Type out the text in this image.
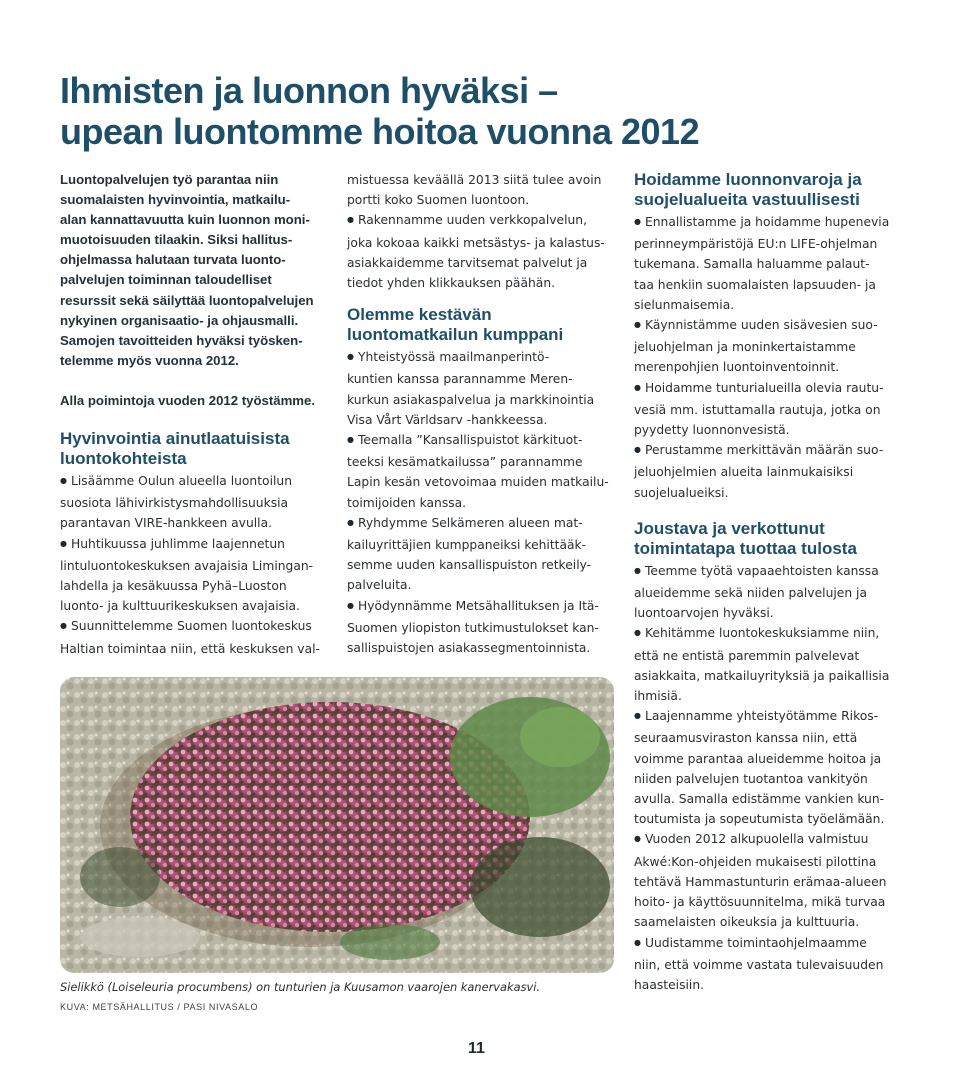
Ihmisten ja luonnon hyväksi –
upean luontomme hoitoa vuonna 2012

Luontopalvelujen työ parantaa niin
suomalaisten hyvinvointia, matkailu-
alan kannattavuutta kuin luonnon moni-
muotoisuuden tilaakin. Siksi hallitus-
ohjelmassa halutaan turvata luonto-
palvelujen toiminnan taloudelliset
resurssit sekä säilyttää luontopalvelujen
nykyinen organisaatio- ja ohjausmalli.
Samojen tavoitteiden hyväksi työsken-
telemme myös vuonna 2012.

Alla poimintoja vuoden 2012 työstämme.

Hyvinvointia ainutlaatuisista
luontokohteista

● Lisäämme Oulun alueella luontoilun
suosiota lähivirkistysmahdollisuuksia
parantavan VIRE-hankkeen avulla.

● Huhtikuussa juhlimme laajennetun
lintuluontokeskuksen avajaisia Limingan-
lahdella ja kesäkuussa Pyhä–Luoston
luonto- ja kulttuurikeskuksen avajaisia.

● Suunnittelemme Suomen luontokeskus
Haltian toimintaa niin, että keskuksen val-

mistuessa keväällä 2013 siitä tulee avoin
portti koko Suomen luontoon.

● Rakennamme uuden verkkopalvelun,
joka kokoaa kaikki metsästys- ja kalastus-
asiakkaidemme tarvitsemat palvelut ja
tiedot yhden klikkauksen päähän.

Olemme kestävän
luontomatkailun kumppani

● Yhteistyössä maailmanperintö-
kuntien kanssa parannamme Meren-
kurkun asiakaspalvelua ja markkinointia
Visa Vårt Världsarv -hankkeessa.

● Teemalla ”Kansallispuistot kärkituot-
teeksi kesämatkailussa” parannamme
Lapin kesän vetovoimaa muiden matkailu-
toimijoiden kanssa.

● Ryhdymme Selkämeren alueen mat-
kailuyrittäjien kumppaneiksi kehittääk-
semme uuden kansallispuiston retkeily-
palveluita.

● Hyödynnämme Metsähallituksen ja Itä-
Suomen yliopiston tutkimustulokset kan-
sallispuistojen asiakassegmentoinnista.

Hoidamme luonnonvaroja ja
suojelualueita vastuullisesti

● Ennallistamme ja hoidamme hupenevia
perinneympäristöjä EU:n LIFE-ohjelman
tukemana. Samalla haluamme palaut-
taa henkiin suomalaisten lapsuuden- ja
sielunmaisemia.

● Käynnistämme uuden sisävesien suo-
jeluohjelman ja moninkertaistamme
merenpohjien luontoinventoinnit.

● Hoidamme tunturialueilla olevia rautu-
vesiä mm. istuttamalla rautuja, jotka on
pyydetty luonnonvesistä.

● Perustamme merkittävän määrän suo-
jeluohjelmien alueita lainmukaisiksi
suojelualueiksi.

Joustava ja verkottunut
toimintatapa tuottaa tulosta

● Teemme työtä vapaaehtoisten kanssa
alueidemme sekä niiden palvelujen ja
luontoarvojen hyväksi.

● Kehitämme luontokeskuksiamme niin,
että ne entistä paremmin palvelevat
asiakkaita, matkailuyrityksiä ja paikallisia
ihmisiä.

● Laajennamme yhteistyötämme Rikos-
seuraamusviraston kanssa niin, että
voimme parantaa alueidemme hoitoa ja
niiden palvelujen tuotantoa vankityön
avulla. Samalla edistämme vankien kun-
toutumista ja sopeutumista työelämään.

● Vuoden 2012 alkupuolella valmistuu
Akwé:Kon-ohjeiden mukaisesti pilottina
tehtävä Hammastunturin erämaa-alueen
hoito- ja käyttösuunnitelma, mikä turvaa
saamelaisten oikeuksia ja kulttuuria.

● Uudistamme toimintaohjelmaamme
niin, että voimme vastata tulevaisuuden
haasteisiin.

Sielikkö (Loiseleuria procumbens) on tunturien ja Kuusamon vaarojen kanervakasvi.

KUVA: METSÄHALLITUS / PASI NIVASALO

11
